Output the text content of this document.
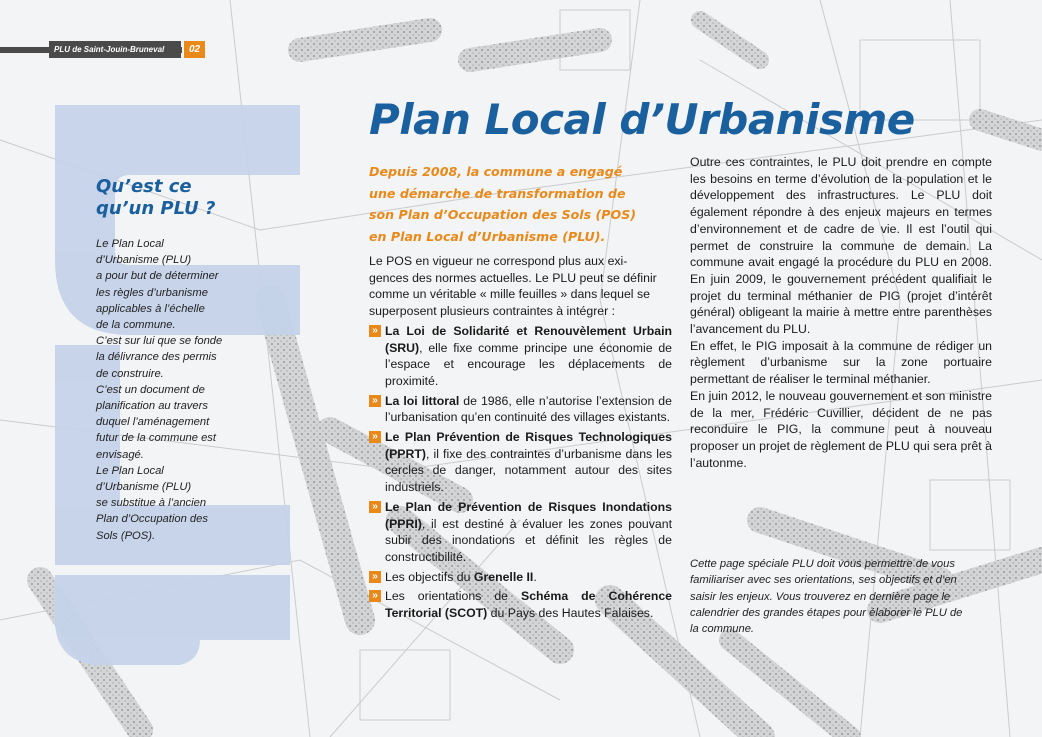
PLU de Saint-Jouin-Bruneval	02
Qu’est ce
qu’un PLU ?

Le Plan Local

d’Urbanisme (PLU)

a pour but de déterminer

les règles d’urbanisme

applicables à l’échelle

de la commune.

C’est sur lui que se fonde

la délivrance des permis

de construire.

C’est un document de

planification au travers

duquel l’aménagement

futur de la commune est

envisagé.

Le Plan Local

d’Urbanisme (PLU)

se substitue à l’ancien

Plan d’Occupation des

Sols (POS).

Plan Local d’Urbanisme
Depuis 2008, la commune a engagé
une démarche de transformation de
son Plan d’Occupation des Sols (POS)
en Plan Local d’Urbanisme (PLU).

Le POS en vigueur ne correspond plus aux exi-
gences des normes actuelles. Le PLU peut se définir
comme un véritable « mille feuilles » dans lequel se
superposent plusieurs contraintes à intégrer :

» La Loi de Solidarité et Renouvèlement Urbain (SRU), elle fixe comme principe une économie de l’espace et encourage les déplacements de proximité.
» La loi littoral de 1986, elle n’autorise l’extension de l’urbanisation qu’en continuité des villages existants.
» Le Plan Prévention de Risques Technologiques (PPRT), il fixe des contraintes d’urbanisme dans les cercles de danger, notamment autour des sites industriels.
» Le Plan de Prévention de Risques Inondations (PPRI), il est destiné à évaluer les zones pouvant subir des inondations et définit les règles de constructibilité.
» Les objectifs du Grenelle II.
» Les orientations de Schéma de Cohérence Territorial (SCOT) du Pays des Hautes Falaises.

Outre ces contraintes, le PLU doit prendre en compte les besoins en terme d’évolution de la population et le développement des infrastructures. Le PLU doit également répondre à des enjeux majeurs en termes d’environnement et de cadre de vie. Il est l’outil qui permet de construire la commune de demain. La commune avait engagé la procédure du PLU en 2008. En juin 2009, le gouvernement précédent qualifiait le projet du terminal méthanier de PIG (projet d’intérêt général) obligeant la mairie à mettre entre parenthèses l’avancement du PLU.

En effet, le PIG imposait à la commune de rédiger un règlement d’urbanisme sur la zone portuaire permettant de réaliser le terminal méthanier.

En juin 2012, le nouveau gouvernement et son ministre de la mer, Frédéric Cuvillier, décident de ne pas reconduire le PIG, la commune peut à nouveau proposer un projet de règlement de PLU qui sera prêt à l’autonme.

Cette page spéciale PLU doit vous permettre de vous
familiariser avec ses orientations, ses objectifs et d’en
saisir les enjeux. Vous trouverez en dernière page le
calendrier des grandes étapes pour élaborer le PLU de
la commune.
